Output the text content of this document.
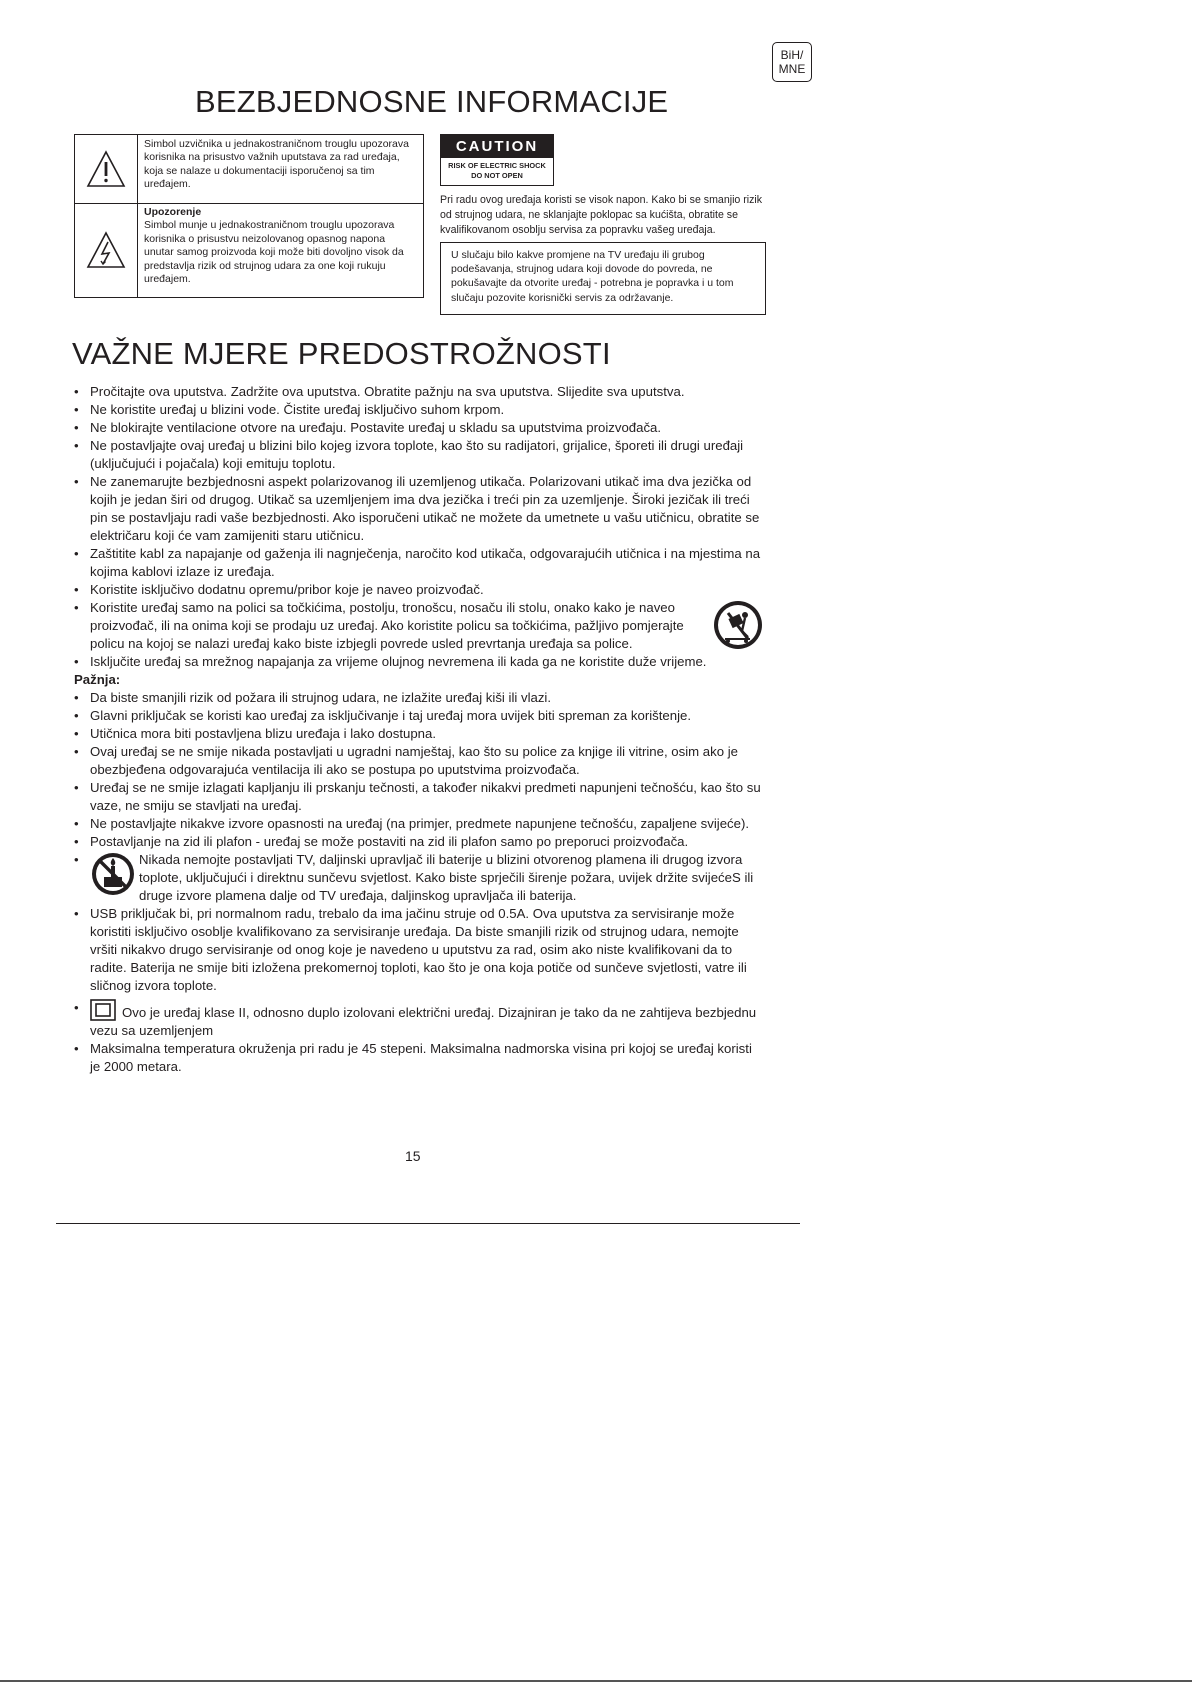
BiH/
MNE
BEZBJEDNOSNE INFORMACIJE
Simbol uzvičnika u jednakostraničnom trouglu upozorava korisnika na prisustvo važnih uputstava za rad uređaja, koja se nalaze u dokumentaciji isporučenoj sa tim uređajem.
Upozorenje
Simbol munje u jednakostraničnom trouglu upozorava korisnika o prisustvu neizolovanog opasnog napona unutar samog proizvoda koji može biti dovoljno visok da predstavlja rizik od strujnog udara za one koji rukuju uređajem.
CAUTION
RISK OF ELECTRIC SHOCK
DO NOT OPEN
Pri radu ovog uređaja koristi se visok napon. Kako bi se smanjio rizik od strujnog udara, ne sklanjajte poklopac sa kućišta, obratite se kvalifikovanom osoblju servisa za popravku vašeg uređaja.
U slučaju bilo kakve promjene na TV uređaju ili grubog podešavanja, strujnog udara koji dovode do povreda, ne pokušavajte da otvorite uređaj - potrebna je popravka i u tom slučaju pozovite korisnički servis za održavanje.
VAŽNE MJERE PREDOSTROŽNOSTI
• Pročitajte ova uputstva. Zadržite ova uputstva. Obratite pažnju na sva uputstva. Slijedite sva uputstva.
• Ne koristite uređaj u blizini vode. Čistite uređaj isključivo suhom krpom.
• Ne blokirajte ventilacione otvore na uređaju. Postavite uređaj u skladu sa uputstvima proizvođača.
• Ne postavljajte ovaj uređaj u blizini bilo kojeg izvora toplote, kao što su radijatori, grijalice, šporeti ili drugi uređaji (uključujući i pojačala) koji emituju toplotu.
• Ne zanemarujte bezbjednosni aspekt polarizovanog ili uzemljenog utikača. Polarizovani utikač ima dva jezička od kojih je jedan širi od drugog. Utikač sa uzemljenjem ima dva jezička i treći pin za uzemljenje. Široki jezičak ili treći pin se postavljaju radi vaše bezbjednosti. Ako isporučeni utikač ne možete da umetnete u vašu utičnicu, obratite se električaru koji će vam zamijeniti staru utičnicu.
• Zaštitite kabl za napajanje od gaženja ili nagnječenja, naročito kod utikača, odgovarajućih utičnica i na mjestima na kojima kablovi izlaze iz uređaja.
• Koristite isključivo dodatnu opremu/pribor koje je naveo proizvođač.
• Koristite uređaj samo na polici sa točkićima, postolju, tronošcu, nosaču ili stolu, onako kako je naveo proizvođač, ili na onima koji se prodaju uz uređaj. Ako koristite policu sa točkićima, pažljivo pomjerajte policu na kojoj se nalazi uređaj kako biste izbjegli povrede usled prevrtanja uređaja sa police.
• Isključite uređaj sa mrežnog napajanja za vrijeme olujnog nevremena ili kada ga ne koristite duže vrijeme.
Pažnja:
• Da biste smanjili rizik od požara ili strujnog udara, ne izlažite uređaj kiši ili vlazi.
• Glavni priključak se koristi kao uređaj za isključivanje i taj uređaj mora uvijek biti spreman za korištenje.
• Utičnica mora biti postavljena blizu uređaja i lako dostupna.
• Ovaj uređaj se ne smije nikada postavljati u ugradni namještaj, kao što su police za knjige ili vitrine, osim ako je obezbjeđena odgovarajuća ventilacija ili ako se postupa po uputstvima proizvođača.
• Uređaj se ne smije izlagati kapljanju ili prskanju tečnosti, a također nikakvi predmeti napunjeni tečnošću, kao što su vaze, ne smiju se stavljati na uređaj.
• Ne postavljajte nikakve izvore opasnosti na uređaj (na primjer, predmete napunjene tečnošću, zapaljene svijeće).
• Postavljanje na zid ili plafon - uređaj se može postaviti na zid ili plafon samo po preporuci proizvođača.
• Nikada nemojte postavljati TV, daljinski upravljač ili baterije u blizini otvorenog plamena ili drugog izvora toplote, uključujući i direktnu sunčevu svjetlost. Kako biste sprječili širenje požara, uvijek držite svijećeS ili druge izvore plamena dalje od TV uređaja, daljinskog upravljača ili baterija.
• USB priključak bi, pri normalnom radu, trebalo da ima jačinu struje od 0.5A. Ova uputstva za servisiranje može koristiti isključivo osoblje kvalifikovano za servisiranje uređaja. Da biste smanjili rizik od strujnog udara, nemojte vršiti nikakvo drugo servisiranje od onog koje je navedeno u uputstvu za rad, osim ako niste kvalifikovani da to radite. Baterija ne smije biti izložena prekomernoj toploti, kao što je ona koja potiče od sunčeve svjetlosti, vatre ili sličnog izvora toplote.
• Ovo je uređaj klase II, odnosno duplo izolovani električni uređaj. Dizajniran je tako da ne zahtijeva bezbjednu vezu sa uzemljenjem
• Maksimalna temperatura okruženja pri radu je 45 stepeni. Maksimalna nadmorska visina pri kojoj se uređaj koristi je 2000 metara.
15
